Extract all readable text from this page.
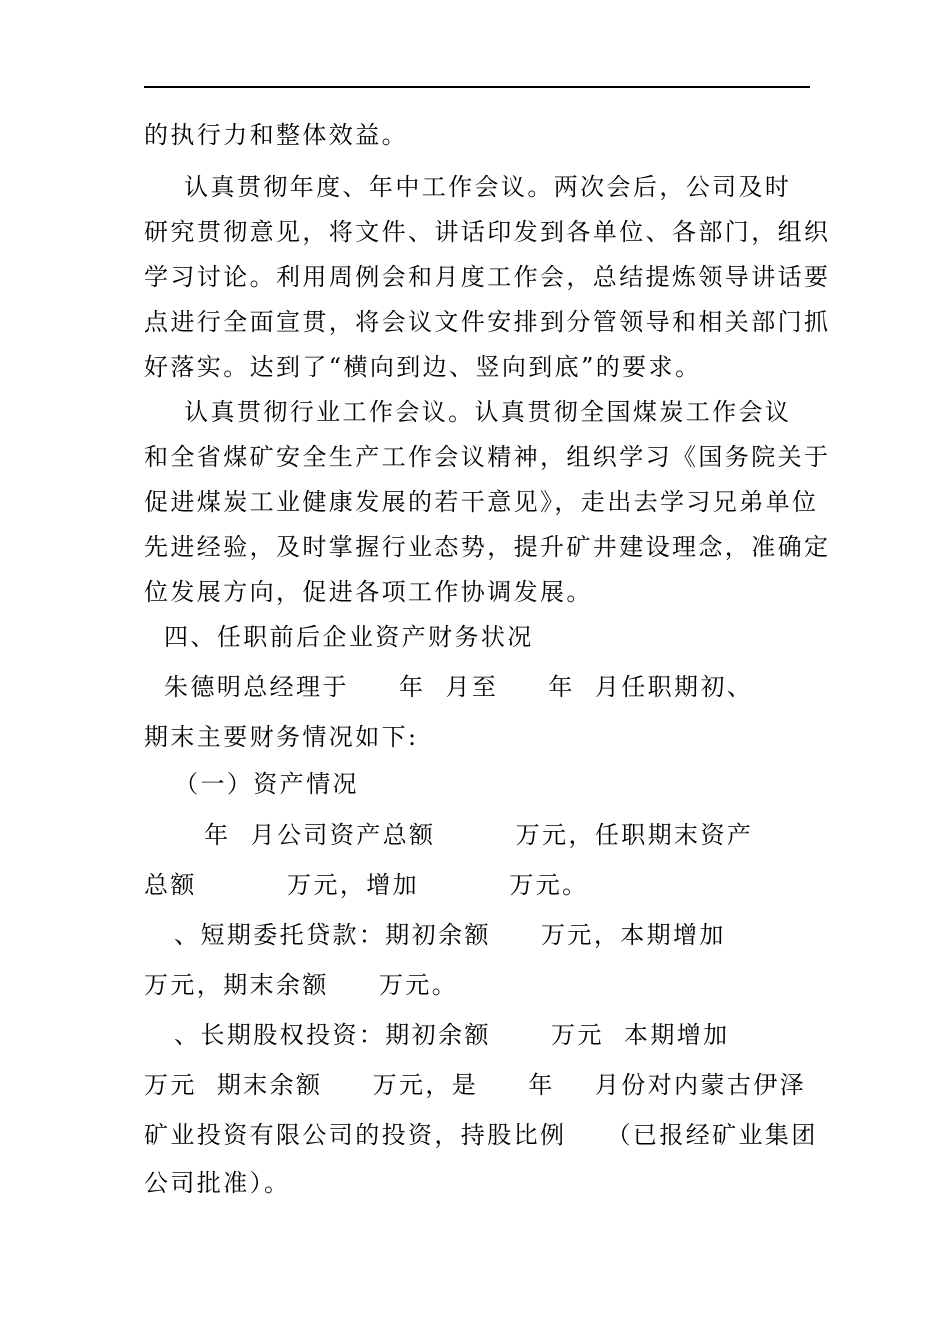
的执行力和整体效益。
认真贯彻年度、年中工作会议。两次会后，公司及时
研究贯彻意见，将文件、讲话印发到各单位、各部门，组织
学习讨论。利用周例会和月度工作会，总结提炼领导讲话要
点进行全面宣贯，将会议文件安排到分管领导和相关部门抓
好落实。达到了“横向到边、竖向到底”的要求。
认真贯彻行业工作会议。认真贯彻全国煤炭工作会议
和全省煤矿安全生产工作会议精神，组织学习《国务院关于
促进煤炭工业健康发展的若干意见》，走出去学习兄弟单位
先进经验，及时掌握行业态势，提升矿井建设理念，准确定
位发展方向，促进各项工作协调发展。
四、任职前后企业资产财务状况
朱德明总经理于     年  月至     年  月任职期初、
期末主要财务情况如下:
（一）资产情况
年  月公司资产总额        万元，任职期末资产
总额         万元，增加         万元。
、短期委托贷款：期初余额     万元，本期增加
万元，期末余额     万元。
、长期股权投资：期初余额      万元  本期增加
万元  期末余额     万元，是     年    月份对内蒙古伊泽
矿业投资有限公司的投资，持股比例    （已报经矿业集团
公司批准）。
